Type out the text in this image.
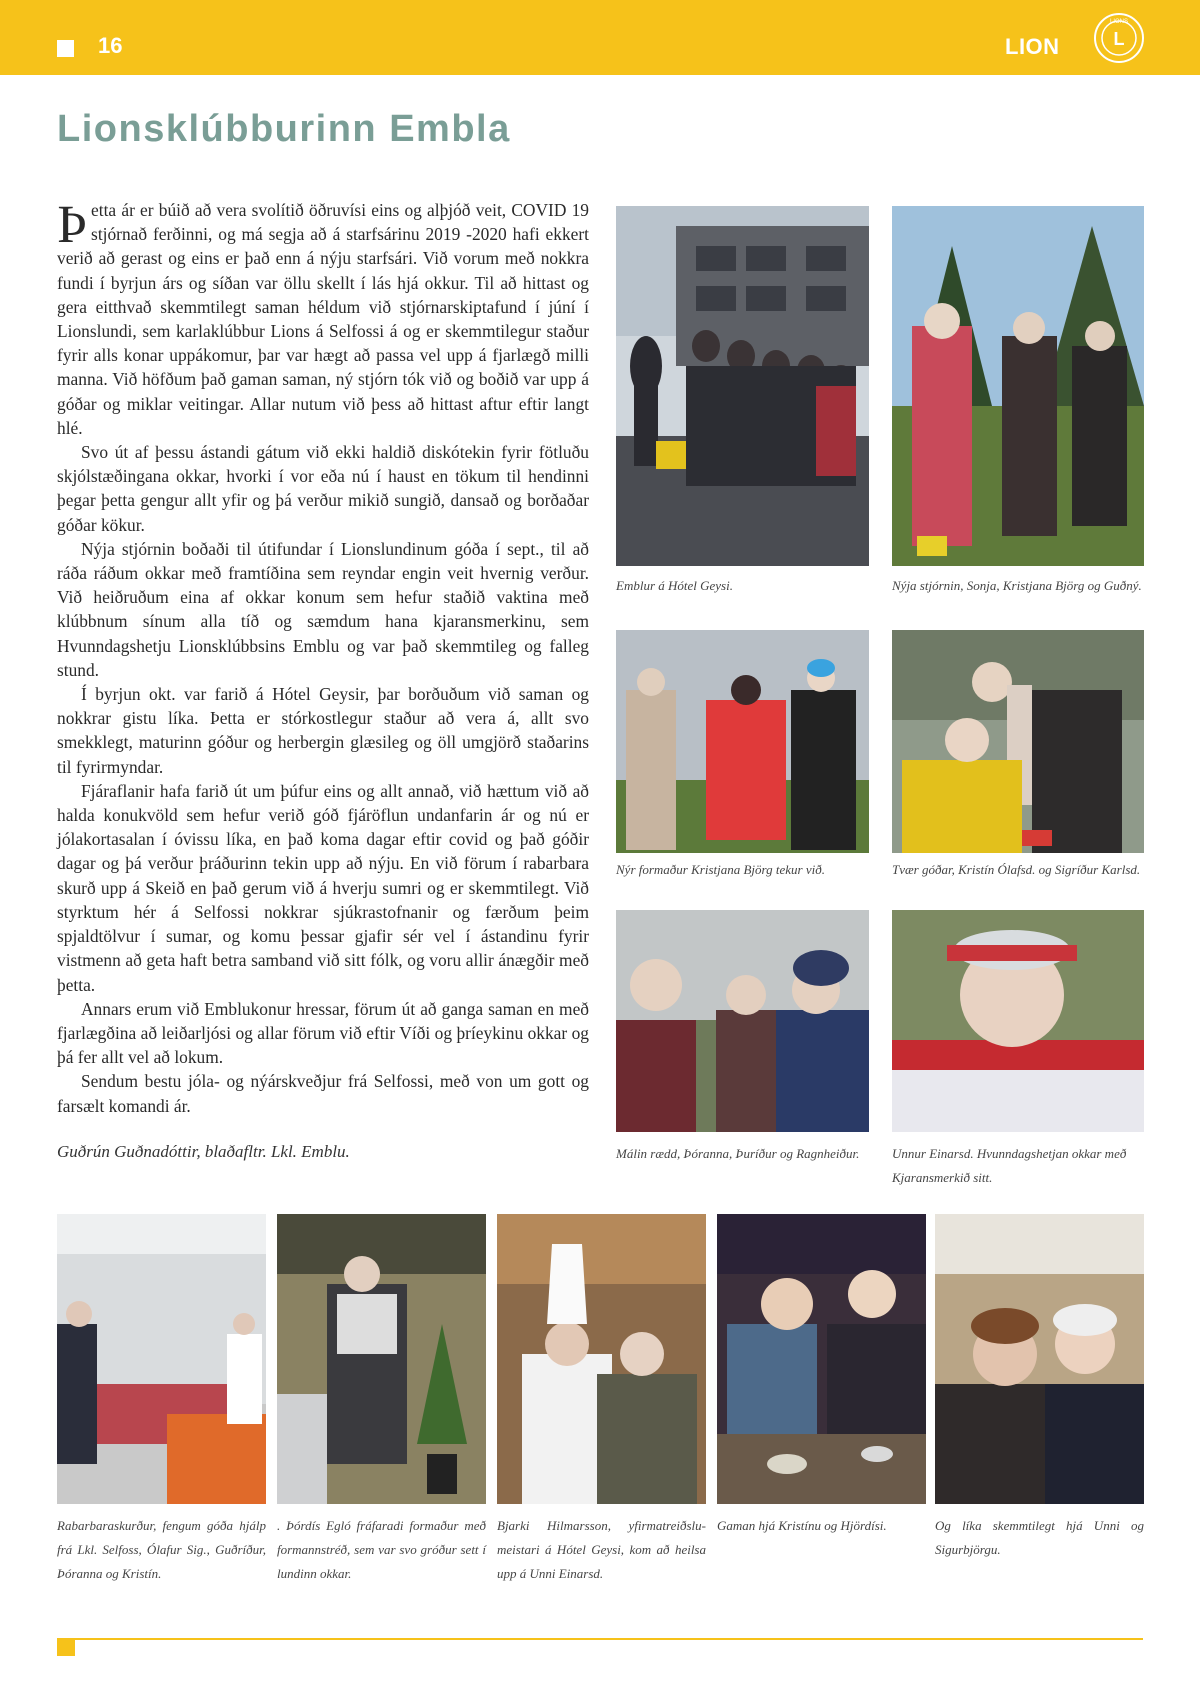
16	LION
LIONS
L
Lionsklúbburinn Embla

Þetta ár er búið að vera svolítið öðruvísi eins og alþjóð veit, COVID 19 stjórnað ferðinni, og má segja að á starfsárinu 2019 -2020 hafi ekkert verið að gerast og eins er það enn á nýju starfsári. Við vorum með nokkra fundi í byrjun árs og síðan var öllu skellt í lás hjá okkur. Til að hittast og gera eitthvað skemmtilegt saman héldum við stjórnarskiptafund í júní í Lionslundi, sem karlaklúbbur Lions á Selfossi á og er skemmtilegur staður fyrir alls konar uppákomur, þar var hægt að passa vel upp á fjarlægð milli manna. Við höfðum það gaman saman, ný stjórn tók við og boðið var upp á góðar og miklar veitingar. Allar nutum við þess að hittast aftur eftir langt hlé.

Svo út af þessu ástandi gátum við ekki haldið diskótekin fyrir fötluðu skjólstæðingana okkar, hvorki í vor eða nú í haust en tökum til hendinni þegar þetta gengur allt yfir og þá verður mikið sungið, dansað og borðaðar góðar kökur.

Nýja stjórnin boðaði til útifundar í Lionslundinum góða í sept., til að ráða ráðum okkar með framtíðina sem reyndar engin veit hvernig verður. Við heiðruðum eina af okkar konum sem hefur staðið vaktina með klúbbnum sínum alla tíð og sæmdum hana kjaransmerkinu, sem Hvunndagshetju Lionsklúbbsins Emblu og var það skemmtileg og falleg stund.

Í byrjun okt. var farið á Hótel Geysir, þar borðuðum við saman og nokkrar gistu líka. Þetta er stórkostlegur staður að vera á, allt svo smekklegt, maturinn góður og herbergin glæsileg og öll umgjörð staðarins til fyrirmyndar.

Fjáraflanir hafa farið út um þúfur eins og allt annað, við hættum við að halda konukvöld sem hefur verið góð fjáröflun undanfarin ár og nú er jólakortasalan í óvissu líka, en það koma dagar eftir covid og það góðir dagar og þá verður þráðurinn tekin upp að nýju. En við förum í rabarbara skurð upp á Skeið en það gerum við á hverju sumri og er skemmtilegt. Við styrktum hér á Selfossi nokkrar sjúkrastofnanir og færðum þeim spjaldtölvur í sumar, og komu þessar gjafir sér vel í ástandinu fyrir vistmenn að geta haft betra samband við sitt fólk, og voru allir ánægðir með þetta.

Annars erum við Emblukonur hressar, förum út að ganga saman en með fjarlægðina að leiðarljósi og allar förum við eftir Víði og þríeykinu okkar og þá fer allt vel að lokum.

Sendum bestu jóla- og nýárskveðjur frá Selfossi, með von um gott og farsælt komandi ár.

Guðrún Guðnadóttir, blaðafltr. Lkl. Emblu.
Emblur á Hótel Geysi.	Nýja stjórnin, Sonja, Kristjana Björg og Guðný.
Nýr formaður Kristjana Björg tekur við.	Tvær góðar, Kristín Ólafsd. og Sigríður Karlsd.
Málin rædd, Þóranna, Þuríður og Ragnheiður.	Unnur Einarsd. Hvunndagshetjan okkar með Kjaransmerkið sitt.
Rabarbaraskurður, fengum góða hjálp frá Lkl. Selfoss, Ólafur Sig., Guðríður, Þóranna og Kristín.
. Þórdís Egló fráfaradi formaður með formannstréð, sem var svo gróður sett í lundinn okkar.
Bjarki Hilmarsson, yfirmatreiðslu-meistari á Hótel Geysi, kom að heilsa upp á Unni Einarsd.
Gaman hjá Kristínu og Hjördísi.	Og líka skemmtilegt hjá Unni og Sigurbjörgu.
